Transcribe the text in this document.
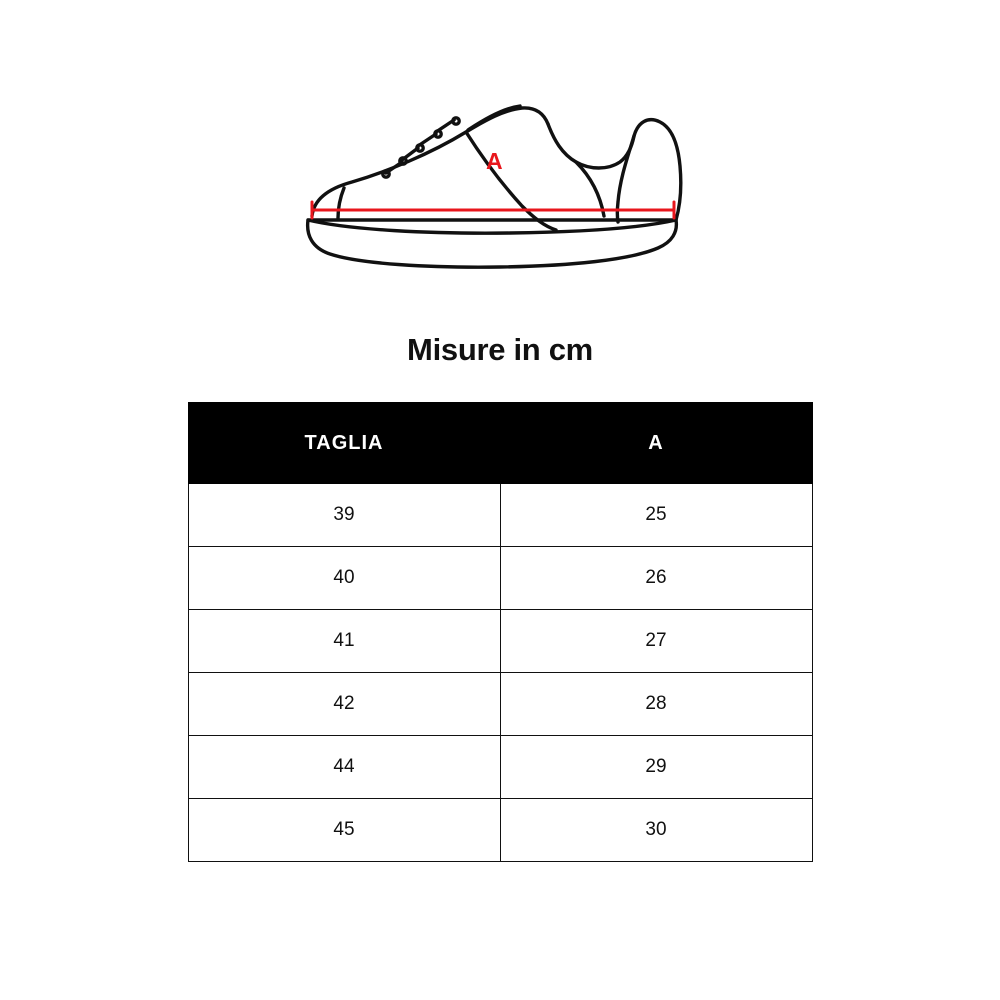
A
Misure in cm
TAGLIA	A
39	25
40	26
41	27
42	28
44	29
45	30
